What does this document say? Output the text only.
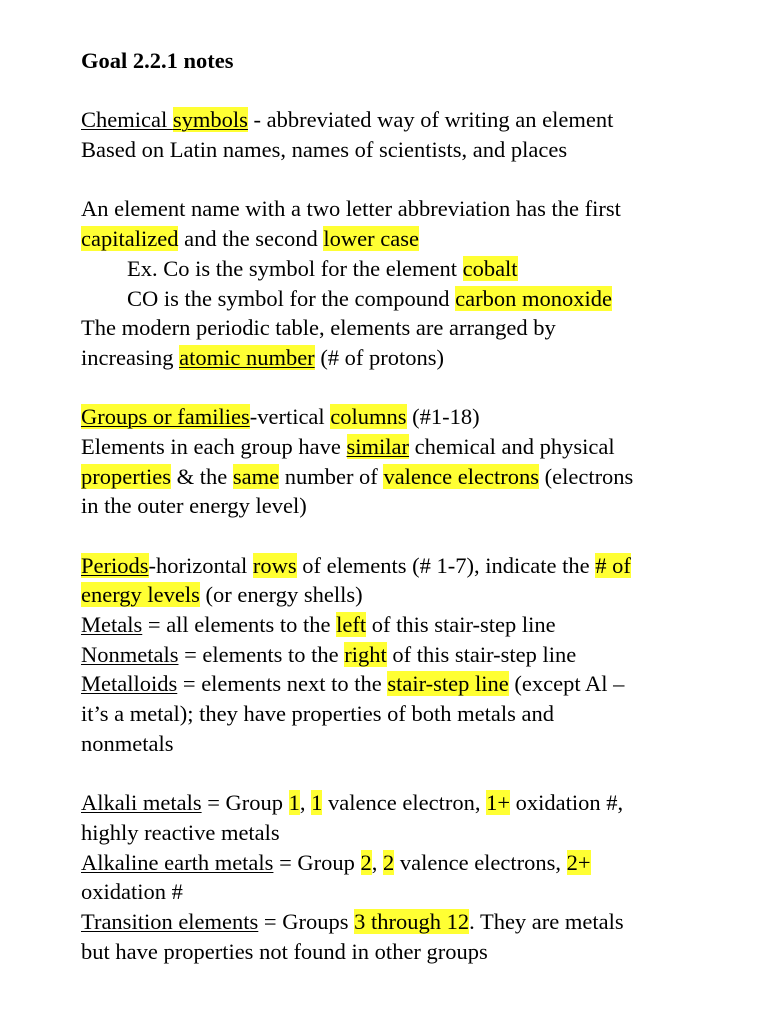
Goal 2.2.1 notes
Chemical symbols - abbreviated way of writing an element
Based on Latin names, names of scientists, and places
An element name with a two letter abbreviation has the first
capitalized and the second lower case
Ex. Co is the symbol for the element cobalt
CO is the symbol for the compound carbon monoxide
The modern periodic table, elements are arranged by
increasing atomic number (# of protons)
Groups or families-vertical columns (#1-18)
Elements in each group have similar chemical and physical
properties & the same number of valence electrons (electrons
in the outer energy level)
Periods-horizontal rows of elements (# 1-7), indicate the # of
energy levels (or energy shells)
Metals = all elements to the left of this stair-step line
Nonmetals = elements to the right of this stair-step line
Metalloids = elements next to the stair-step line (except Al –
it’s a metal); they have properties of both metals and
nonmetals
Alkali metals = Group 1, 1 valence electron, 1+ oxidation #,
highly reactive metals
Alkaline earth metals = Group 2, 2 valence electrons, 2+
oxidation #
Transition elements = Groups 3 through 12. They are metals
but have properties not found in other groups
